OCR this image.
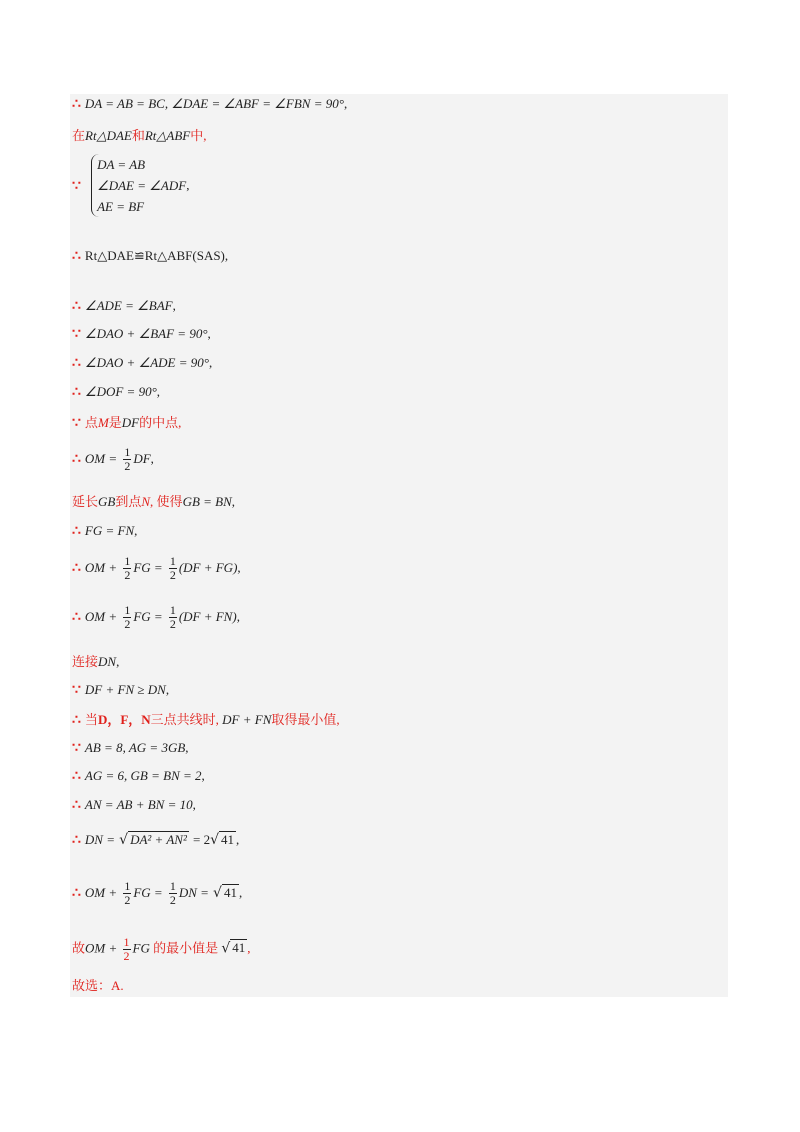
∴ DA = AB = BC, ∠DAE = ∠ABF = ∠FBN = 90°,
在Rt△DAE和Rt△ABF中,
∵
DA = AB
∠DAE = ∠ADF
AE = BF
,
∴ Rt△DAE≌Rt△ABF(SAS),
∴ ∠ADE = ∠BAF,
∵ ∠DAO + ∠BAF = 90°,
∴ ∠DAO + ∠ADE = 90°,
∴ ∠DOF = 90°,
∵ 点M是DF的中点,
∴ OM = $\frac{1}{2}$ DF,
延长GB到点N, 使得GB = BN,
∴ FG = FN,
∴ OM + $\frac{1}{2}$ FG = $\frac{1}{2} (DF + FG)$,
∴ OM + $\frac{1}{2}$ FG = $\frac{1}{2} (DF + FN)$,
连接DN,
∵ DF + FN ≥ DN,
∴ 当D，F，N三点共线时, DF + FN取得最小值,
∵ AB = 8, AG = 3GB,
∴ AG = 6, GB = BN = 2,
∴ AN = AB + BN = 10,
∴ DN = √ DA² + AN² = 2√ 41 ,
∴ OM + $\frac{1}{2}$ FG = $\frac{1}{2}$ DN = √ 41 ,
故OM + $\frac{1}{2}$ FG 的最小值是 √ 41 ,
故选：A.
